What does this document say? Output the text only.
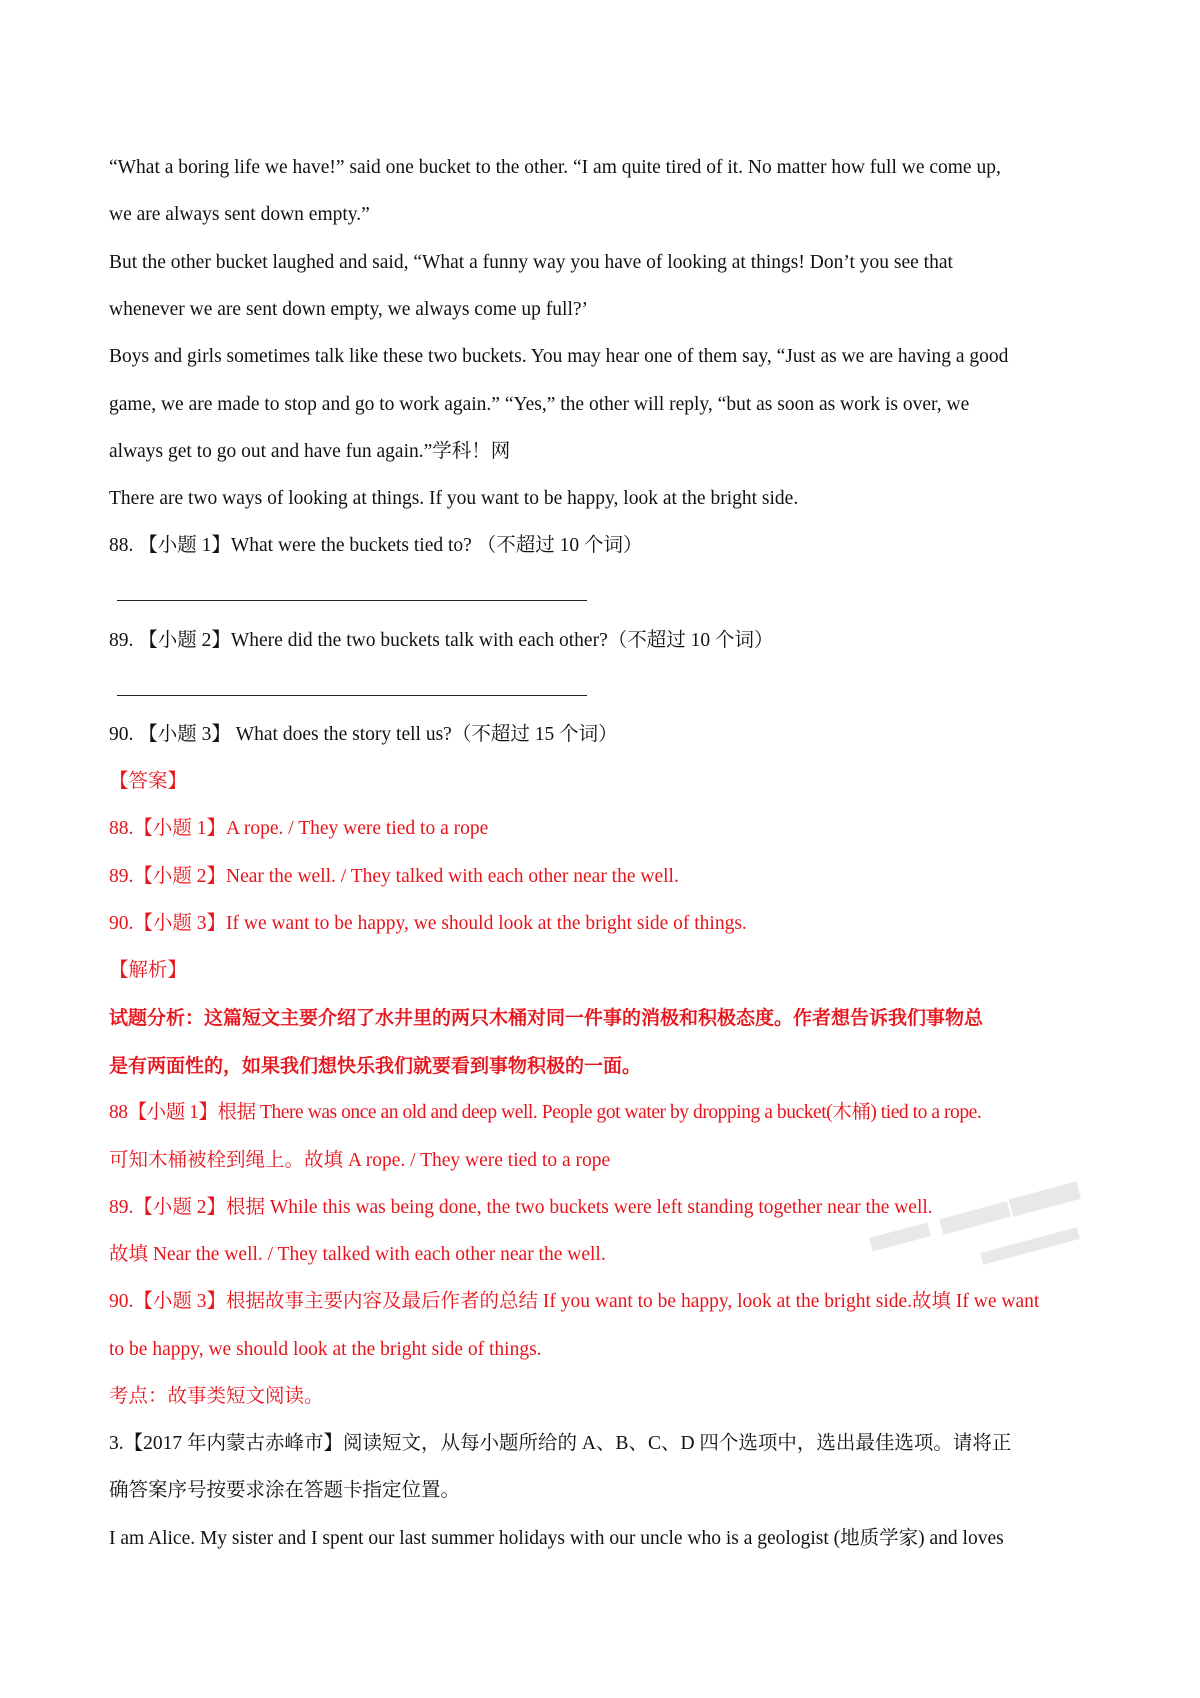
“What a boring life we have!” said one bucket to the other. “I am quite tired of it. No matter how full we come up,

we are always sent down empty.”

But the other bucket laughed and said, “What a funny way you have of looking at things! Don’t you see that

whenever we are sent down empty, we always come up full?’

Boys and girls sometimes talk like these two buckets. You may hear one of them say, “Just as we are having a good

game, we are made to stop and go to work again.” “Yes,” the other will reply, “but as soon as work is over, we

always get to go out and have fun again.”学科！网

There are two ways of looking at things. If you want to be happy, look at the bright side.

88. 【小题 1】What were the buckets tied to? （不超过 10 个词）

89. 【小题 2】Where did the two buckets talk with each other?（不超过 10 个词）

90. 【小题 3】 What does the story tell us?（不超过 15 个词）

【答案】

88.【小题 1】A rope. / They were tied to a rope

89.【小题 2】Near the well. / They talked with each other near the well.

90.【小题 3】If we want to be happy, we should look at the bright side of things.

【解析】

试题分析：这篇短文主要介绍了水井里的两只木桶对同一件事的消极和积极态度。作者想告诉我们事物总

是有两面性的，如果我们想快乐我们就要看到事物积极的一面。

88【小题 1】根据 There was once an old and deep well. People got water by dropping a bucket(木桶) tied to a rope.

可知木桶被栓到绳上。故填 A rope. / They were tied to a rope

89.【小题 2】根据 While this was being done, the two buckets were left standing together near the well.

故填 Near the well. / They talked with each other near the well.

90.【小题 3】根据故事主要内容及最后作者的总结 If you want to be happy, look at the bright side.故填 If we want

to be happy, we should look at the bright side of things.

考点：故事类短文阅读。

3.【2017 年内蒙古赤峰市】阅读短文，从每小题所给的 A、B、C、D 四个选项中，选出最佳选项。请将正

确答案序号按要求涂在答题卡指定位置。

I am Alice. My sister and I spent our last summer holidays with our uncle who is a geologist (地质学家) and loves
